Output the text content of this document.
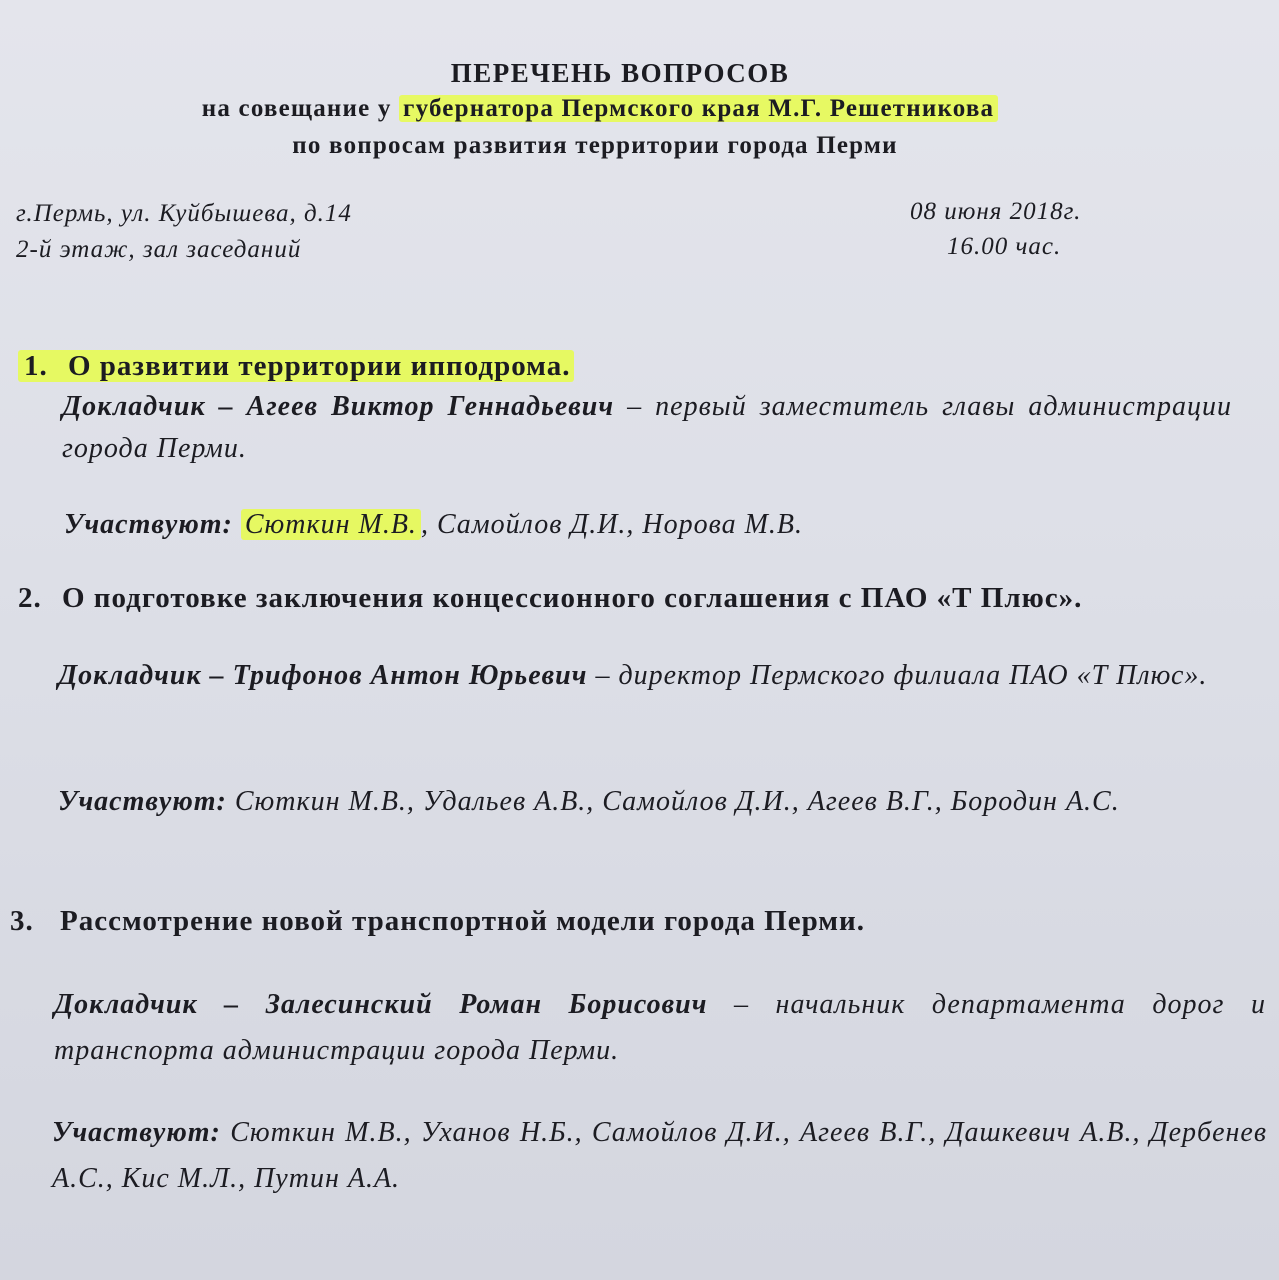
ПЕРЕЧЕНЬ ВОПРОСОВ
на совещание у губернатора Пермского края М.Г. Решетникова
по вопросам развития территории города Перми
г.Пермь, ул. Куйбышева, д.14
2-й этаж, зал заседаний
08 июня 2018г.
16.00 час.
1. О развитии территории ипподрома.
Докладчик – Агеев Виктор Геннадьевич – первый заместитель главы администрации города Перми.
Участвуют: Сюткин М.В. , Самойлов Д.И., Норова М.В.
2. О подготовке заключения концессионного соглашения с ПАО «Т Плюс».
Докладчик – Трифонов Антон Юрьевич – директор Пермского филиала ПАО «Т Плюс».
Участвуют: Сюткин М.В., Удальев А.В., Самойлов Д.И., Агеев В.Г., Бородин А.С.
3. Рассмотрение новой транспортной модели города Перми.
Докладчик – Залесинский Роман Борисович – начальник департамента дорог и транспорта администрации города Перми.
Участвуют: Сюткин М.В., Уханов Н.Б., Самойлов Д.И., Агеев В.Г., Дашкевич А.В., Дербенев А.С., Кис М.Л., Путин А.А.
